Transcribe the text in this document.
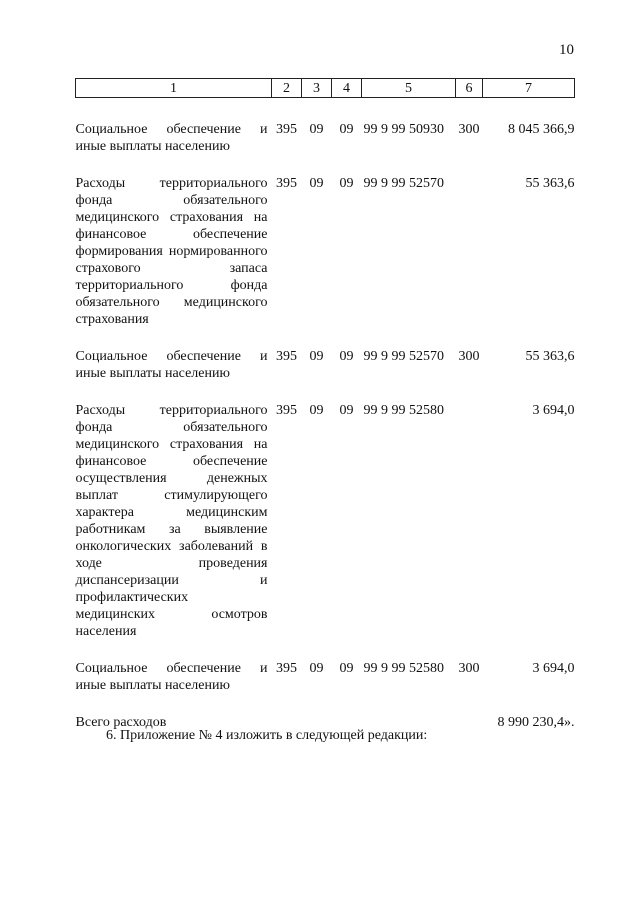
10
1	2	3	4	5	6	7

Социальное обеспечение и иные выплаты населению	395	09	09	99 9 99 50930	300	8 045 366,9

Расходы территориального фонда обязательного медицинского страхования на финансовое обеспечение формирования нормированного страхового запаса территориального фонда обязательного медицинского страхования	395	09	09	99 9 99 52570		55 363,6

Социальное обеспечение и иные выплаты населению	395	09	09	99 9 99 52570	300	55 363,6

Расходы территориального фонда обязательного медицинского страхования на финансовое обеспечение осуществления денежных выплат стимулирующего характера медицинским работникам за выявление онкологических заболеваний в ходе проведения диспансеризации и профилактических медицинских осмотров населения	395	09	09	99 9 99 52580		3 694,0

Социальное обеспечение и иные выплаты населению	395	09	09	99 9 99 52580	300	3 694,0

Всего расходов				8 990 230,4».		
6. Приложение № 4 изложить в следующей редакции:
